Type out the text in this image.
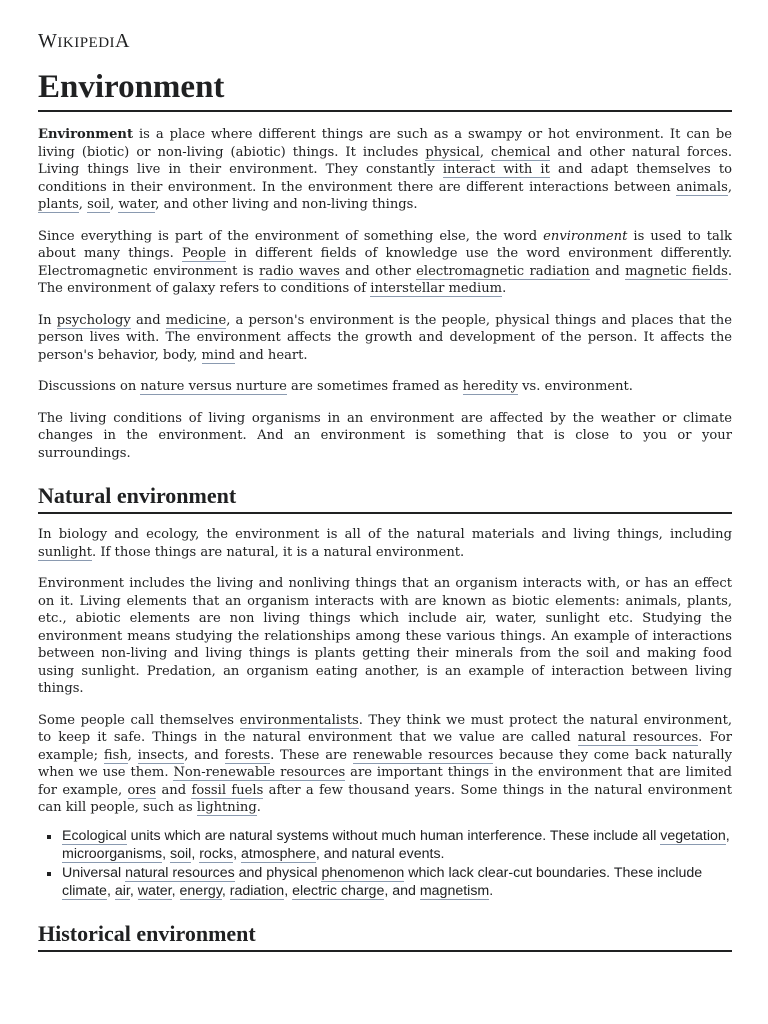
WIKIPEDIA
Environment

Environment is a place where different things are such as a swampy or hot environment. It can be living (biotic) or non-living (abiotic) things. It includes physical, chemical and other natural forces. Living things live in their environment. They constantly interact with it and adapt themselves to conditions in their environment. In the environment there are different interactions between animals, plants, soil, water, and other living and non-living things.

Since everything is part of the environment of something else, the word environment is used to talk about many things. People in different fields of knowledge use the word environment differently. Electromagnetic environment is radio waves and other electromagnetic radiation and magnetic fields. The environment of galaxy refers to conditions of interstellar medium.

In psychology and medicine, a person's environment is the people, physical things and places that the person lives with. The environment affects the growth and development of the person. It affects the person's behavior, body, mind and heart.

Discussions on nature versus nurture are sometimes framed as heredity vs. environment.

The living conditions of living organisms in an environment are affected by the weather or climate changes in the environment. And an environment is something that is close to you or your surroundings.

Natural environment

In biology and ecology, the environment is all of the natural materials and living things, including sunlight. If those things are natural, it is a natural environment.

Environment includes the living and nonliving things that an organism interacts with, or has an effect on it. Living elements that an organism interacts with are known as biotic elements: animals, plants, etc., abiotic elements are non living things which include air, water, sunlight etc. Studying the environment means studying the relationships among these various things. An example of interactions between non-living and living things is plants getting their minerals from the soil and making food using sunlight. Predation, an organism eating another, is an example of interaction between living things.

Some people call themselves environmentalists. They think we must protect the natural environment, to keep it safe. Things in the natural environment that we value are called natural resources. For example; fish, insects, and forests. These are renewable resources because they come back naturally when we use them. Non-renewable resources are important things in the environment that are limited for example, ores and fossil fuels after a few thousand years. Some things in the natural environment can kill people, such as lightning.

Ecological units which are natural systems without much human interference. These include all vegetation, microorganisms, soil, rocks, atmosphere, and natural events.
Universal natural resources and physical phenomenon which lack clear-cut boundaries. These include climate, air, water, energy, radiation, electric charge, and magnetism.
Historical environment
